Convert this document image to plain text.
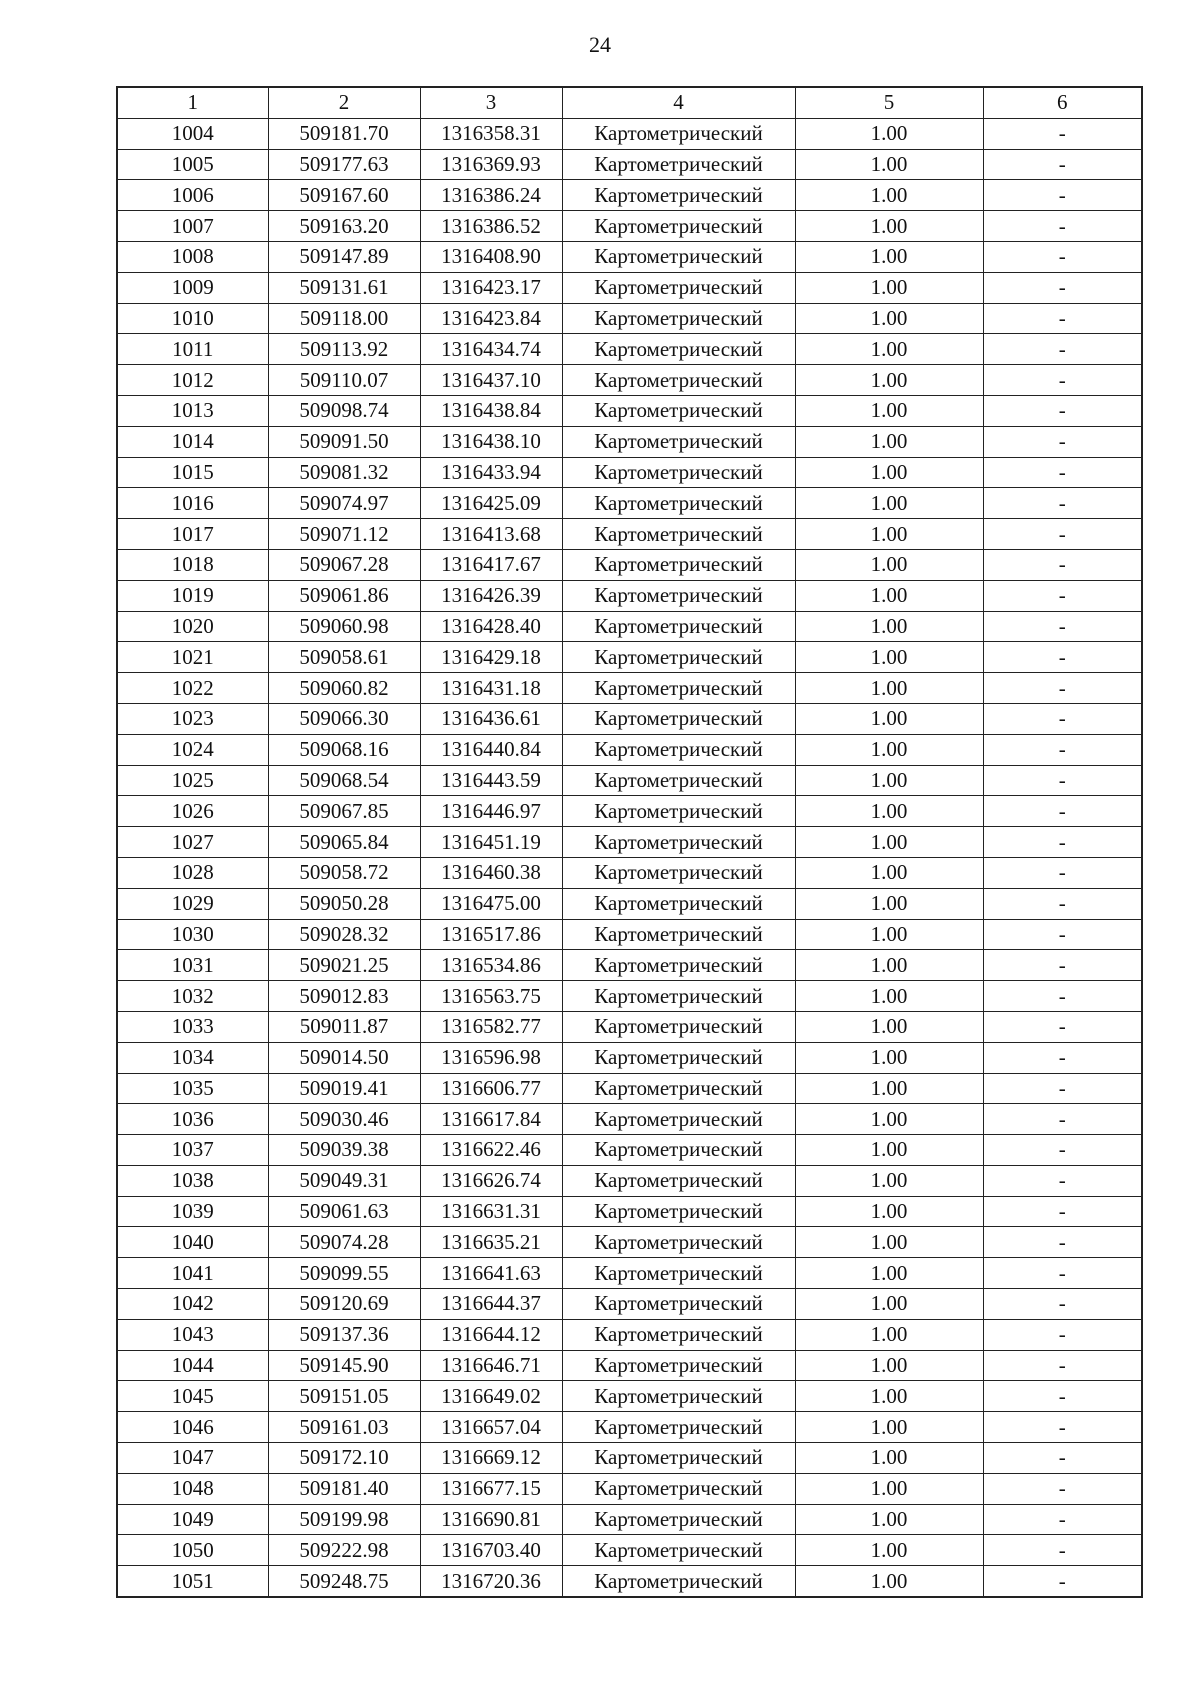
24
1	2	3	4	5	6
1004	509181.70	1316358.31	Картометрический	1.00	-
1005	509177.63	1316369.93	Картометрический	1.00	-
1006	509167.60	1316386.24	Картометрический	1.00	-
1007	509163.20	1316386.52	Картометрический	1.00	-
1008	509147.89	1316408.90	Картометрический	1.00	-
1009	509131.61	1316423.17	Картометрический	1.00	-
1010	509118.00	1316423.84	Картометрический	1.00	-
1011	509113.92	1316434.74	Картометрический	1.00	-
1012	509110.07	1316437.10	Картометрический	1.00	-
1013	509098.74	1316438.84	Картометрический	1.00	-
1014	509091.50	1316438.10	Картометрический	1.00	-
1015	509081.32	1316433.94	Картометрический	1.00	-
1016	509074.97	1316425.09	Картометрический	1.00	-
1017	509071.12	1316413.68	Картометрический	1.00	-
1018	509067.28	1316417.67	Картометрический	1.00	-
1019	509061.86	1316426.39	Картометрический	1.00	-
1020	509060.98	1316428.40	Картометрический	1.00	-
1021	509058.61	1316429.18	Картометрический	1.00	-
1022	509060.82	1316431.18	Картометрический	1.00	-
1023	509066.30	1316436.61	Картометрический	1.00	-
1024	509068.16	1316440.84	Картометрический	1.00	-
1025	509068.54	1316443.59	Картометрический	1.00	-
1026	509067.85	1316446.97	Картометрический	1.00	-
1027	509065.84	1316451.19	Картометрический	1.00	-
1028	509058.72	1316460.38	Картометрический	1.00	-
1029	509050.28	1316475.00	Картометрический	1.00	-
1030	509028.32	1316517.86	Картометрический	1.00	-
1031	509021.25	1316534.86	Картометрический	1.00	-
1032	509012.83	1316563.75	Картометрический	1.00	-
1033	509011.87	1316582.77	Картометрический	1.00	-
1034	509014.50	1316596.98	Картометрический	1.00	-
1035	509019.41	1316606.77	Картометрический	1.00	-
1036	509030.46	1316617.84	Картометрический	1.00	-
1037	509039.38	1316622.46	Картометрический	1.00	-
1038	509049.31	1316626.74	Картометрический	1.00	-
1039	509061.63	1316631.31	Картометрический	1.00	-
1040	509074.28	1316635.21	Картометрический	1.00	-
1041	509099.55	1316641.63	Картометрический	1.00	-
1042	509120.69	1316644.37	Картометрический	1.00	-
1043	509137.36	1316644.12	Картометрический	1.00	-
1044	509145.90	1316646.71	Картометрический	1.00	-
1045	509151.05	1316649.02	Картометрический	1.00	-
1046	509161.03	1316657.04	Картометрический	1.00	-
1047	509172.10	1316669.12	Картометрический	1.00	-
1048	509181.40	1316677.15	Картометрический	1.00	-
1049	509199.98	1316690.81	Картометрический	1.00	-
1050	509222.98	1316703.40	Картометрический	1.00	-
1051	509248.75	1316720.36	Картометрический	1.00	-
